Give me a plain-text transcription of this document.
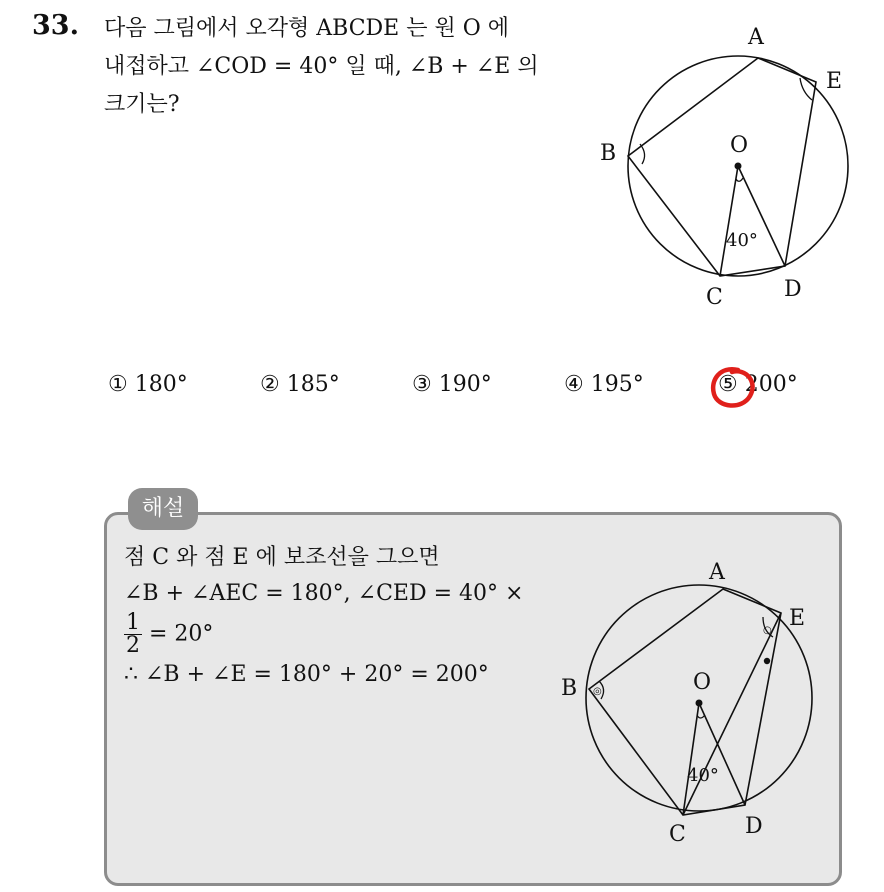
33. 다음 그림에서 오각형 ABCDE 는 원 O 에
내접하고 ∠COD = 40° 일 때, ∠B + ∠E 의
크기는?
A
E
B	O
C	D
40°
① 180°	② 185°	③ 190°	④ 195°	⑤ 200°
해설
점 C 와 점 E 에 보조선을 그으면
∠B + ∠AEC = 180°, ∠CED = 40° ×
$\frac{1}{2} = 20^\circ$
∴ ∠B + ∠E = 180° + 20° = 200°
◎
○
A
E
B	O
C	D
40°
